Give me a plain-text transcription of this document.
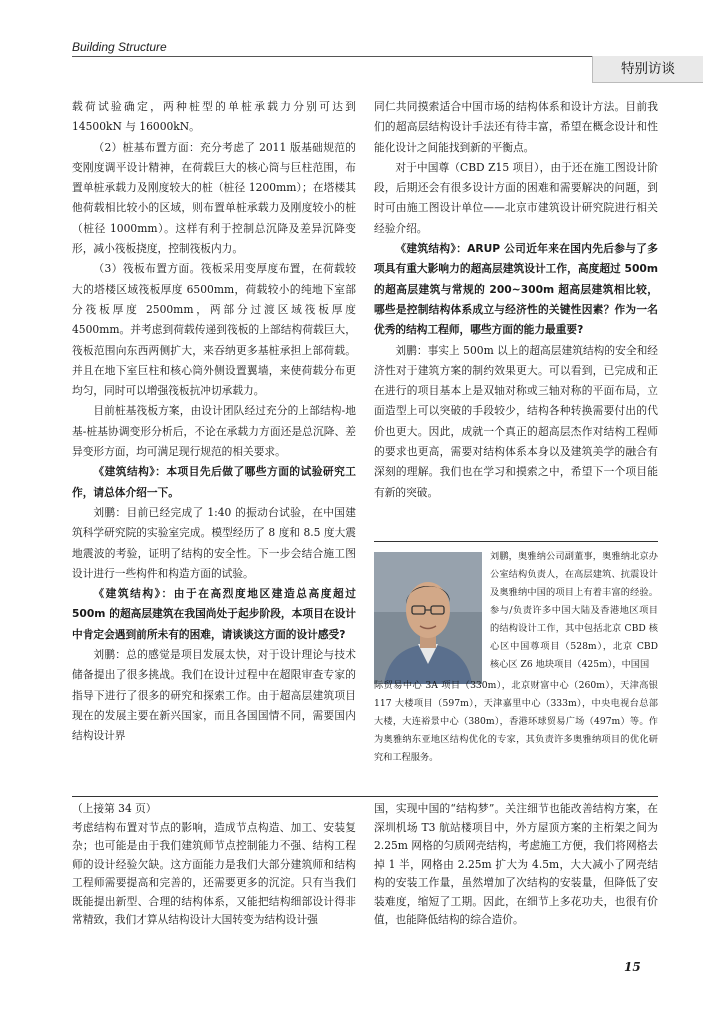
Building Structure
特别访谈

载荷试验确定，两种桩型的单桩承载力分别可达到14500kN 与 16000kN。

（2）桩基布置方面：充分考虑了 2011 版基础规范的变刚度调平设计精神，在荷载巨大的核心筒与巨柱范围，布置单桩承载力及刚度较大的桩（桩径 1200mm）；在塔楼其他荷载相比较小的区域，则布置单桩承载力及刚度较小的桩（桩径 1000mm）。这样有利于控制总沉降及差异沉降变形，减小筏板挠度，控制筏板内力。

（3）筏板布置方面。筏板采用变厚度布置，在荷载较大的塔楼区域筏板厚度 6500mm，荷载较小的纯地下室部分筏板厚度 2500mm，两部分过渡区域筏板厚度 4500mm。并考虑到荷载传递到筏板的上部结构荷载巨大，筏板范围向东西两侧扩大，来吞纳更多基桩承担上部荷载。并且在地下室巨柱和核心筒外侧设置翼墙，来使荷载分布更均匀，同时可以增强筏板抗冲切承载力。

目前桩基筏板方案，由设计团队经过充分的上部结构-地基-桩基协调变形分析后，不论在承载力方面还是总沉降、差异变形方面，均可满足现行规范的相关要求。

《建筑结构》：本项目先后做了哪些方面的试验研究工作，请总体介绍一下。

刘鹏：目前已经完成了 1:40 的振动台试验，在中国建筑科学研究院的实验室完成。模型经历了 8 度和 8.5 度大震地震波的考验，证明了结构的安全性。下一步会结合施工图设计进行一些构件和构造方面的试验。

《建筑结构》：由于在高烈度地区建造总高度超过 500m 的超高层建筑在我国尚处于起步阶段，本项目在设计中肯定会遇到前所未有的困难，请谈谈这方面的设计感受?

刘鹏：总的感觉是项目发展太快，对于设计理论与技术储备提出了很多挑战。我们在设计过程中在超限审查专家的指导下进行了很多的研究和探索工作。由于超高层建筑项目现在的发展主要在新兴国家，而且各国国情不同，需要国内结构设计界

同仁共同摸索适合中国市场的结构体系和设计方法。目前我们的超高层结构设计手法还有待丰富，希望在概念设计和性能化设计之间能找到新的平衡点。

对于中国尊（CBD Z15 项目），由于还在施工图设计阶段，后期还会有很多设计方面的困难和需要解决的问题，到时可由施工图设计单位——北京市建筑设计研究院进行相关经验介绍。

《建筑结构》：ARUP 公司近年来在国内先后参与了多项具有重大影响力的超高层建筑设计工作，高度超过 500m 的超高层建筑与常规的 200~300m 超高层建筑相比较，哪些是控制结构体系成立与经济性的关键性因素？作为一名优秀的结构工程师，哪些方面的能力最重要?

刘鹏：事实上 500m 以上的超高层建筑结构的安全和经济性对于建筑方案的制约效果更大。可以看到，已完成和正在进行的项目基本上是双轴对称或三轴对称的平面布局，立面造型上可以突破的手段较少，结构各种转换需要付出的代价也更大。因此，成就一个真正的超高层杰作对结构工程师的要求也更高，需要对结构体系本身以及建筑美学的融合有深刻的理解。我们也在学习和摸索之中，希望下一个项目能有新的突破。

刘鹏，奥雅纳公司副董事，奥雅纳北京办公室结构负责人，在高层建筑、抗震设计及奥雅纳中国的项目上有着丰富的经验。参与/负责许多中国大陆及香港地区项目的结构设计工作，其中包括北京 CBD 核心区中国尊项目（528m），北京 CBD 核心区 Z6 地块项目（425m），中国国

际贸易中心 3A 项目（330m），北京财富中心（260m），天津高银 117 大楼项目（597m），天津嘉里中心（333m），中央电视台总部大楼，大连裕景中心（380m），香港环球贸易广场（497m）等。作为奥雅纳东亚地区结构优化的专家，其负责许多奥雅纳项目的优化研究和工程服务。

（上接第 34 页）

考虑结构布置对节点的影响，造成节点构造、加工、安装复杂；也可能是由于我们建筑师节点控制能力不强、结构工程师的设计经验欠缺。这方面能力是我们大部分建筑师和结构工程师需要提高和完善的，还需要更多的沉淀。只有当我们既能提出新型、合理的结构体系，又能把结构细部设计得非常精致，我们才算从结构设计大国转变为结构设计强

国，实现中国的“结构梦”。关注细节也能改善结构方案，在深圳机场 T3 航站楼项目中，外方屋顶方案的主桁架之间为 2.25m 网格的匀质网壳结构，考虑施工方便，我们将网格去掉 1 半，网格由 2.25m 扩大为 4.5m，大大减小了网壳结构的安装工作量，虽然增加了次结构的安装量，但降低了安装难度，缩短了工期。因此，在细节上多花功夫，也很有价值，也能降低结构的综合造价。

15
